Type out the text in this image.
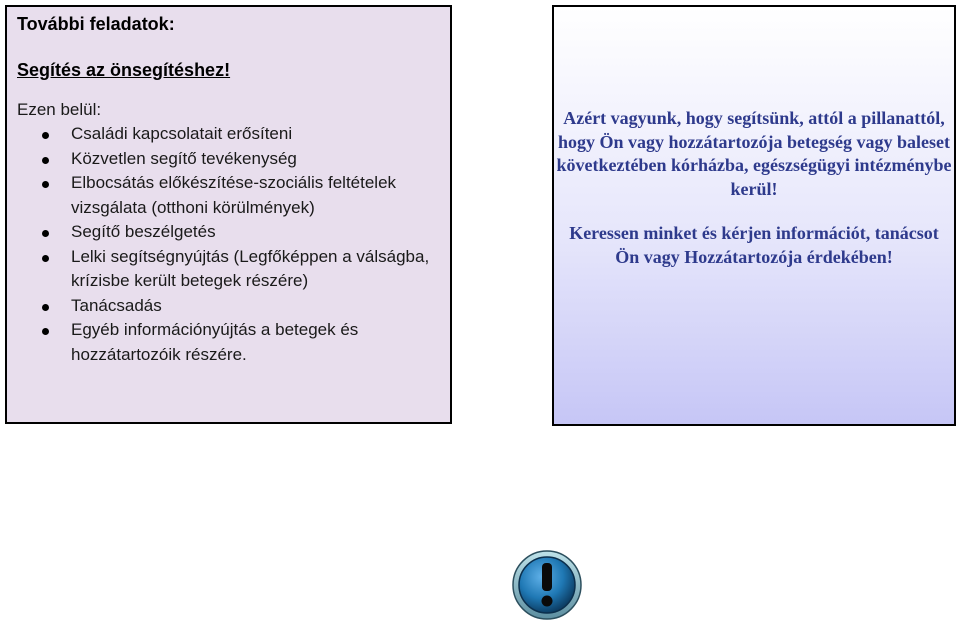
További feladatok:
Segítés az önsegítéshez!
Ezen belül:
Családi kapcsolatait erősíteni
Közvetlen segítő tevékenység
Elbocsátás előkészítése-szociális feltételek vizsgálata (otthoni körülmények)
Segítő beszélgetés
Lelki segítségnyújtás (Legfőképpen a válságba, krízisbe került betegek részére)
Tanácsadás
Egyéb információnyújtás a betegek és hozzátartozóik részére.

Azért vagyunk, hogy segítsünk, attól a pillanattól, hogy Ön vagy hozzátartozója betegség vagy baleset következtében kórházba, egészségügyi intézménybe kerül!

Keressen minket és kérjen információt, tanácsot Ön vagy Hozzátartozója érdekében!
